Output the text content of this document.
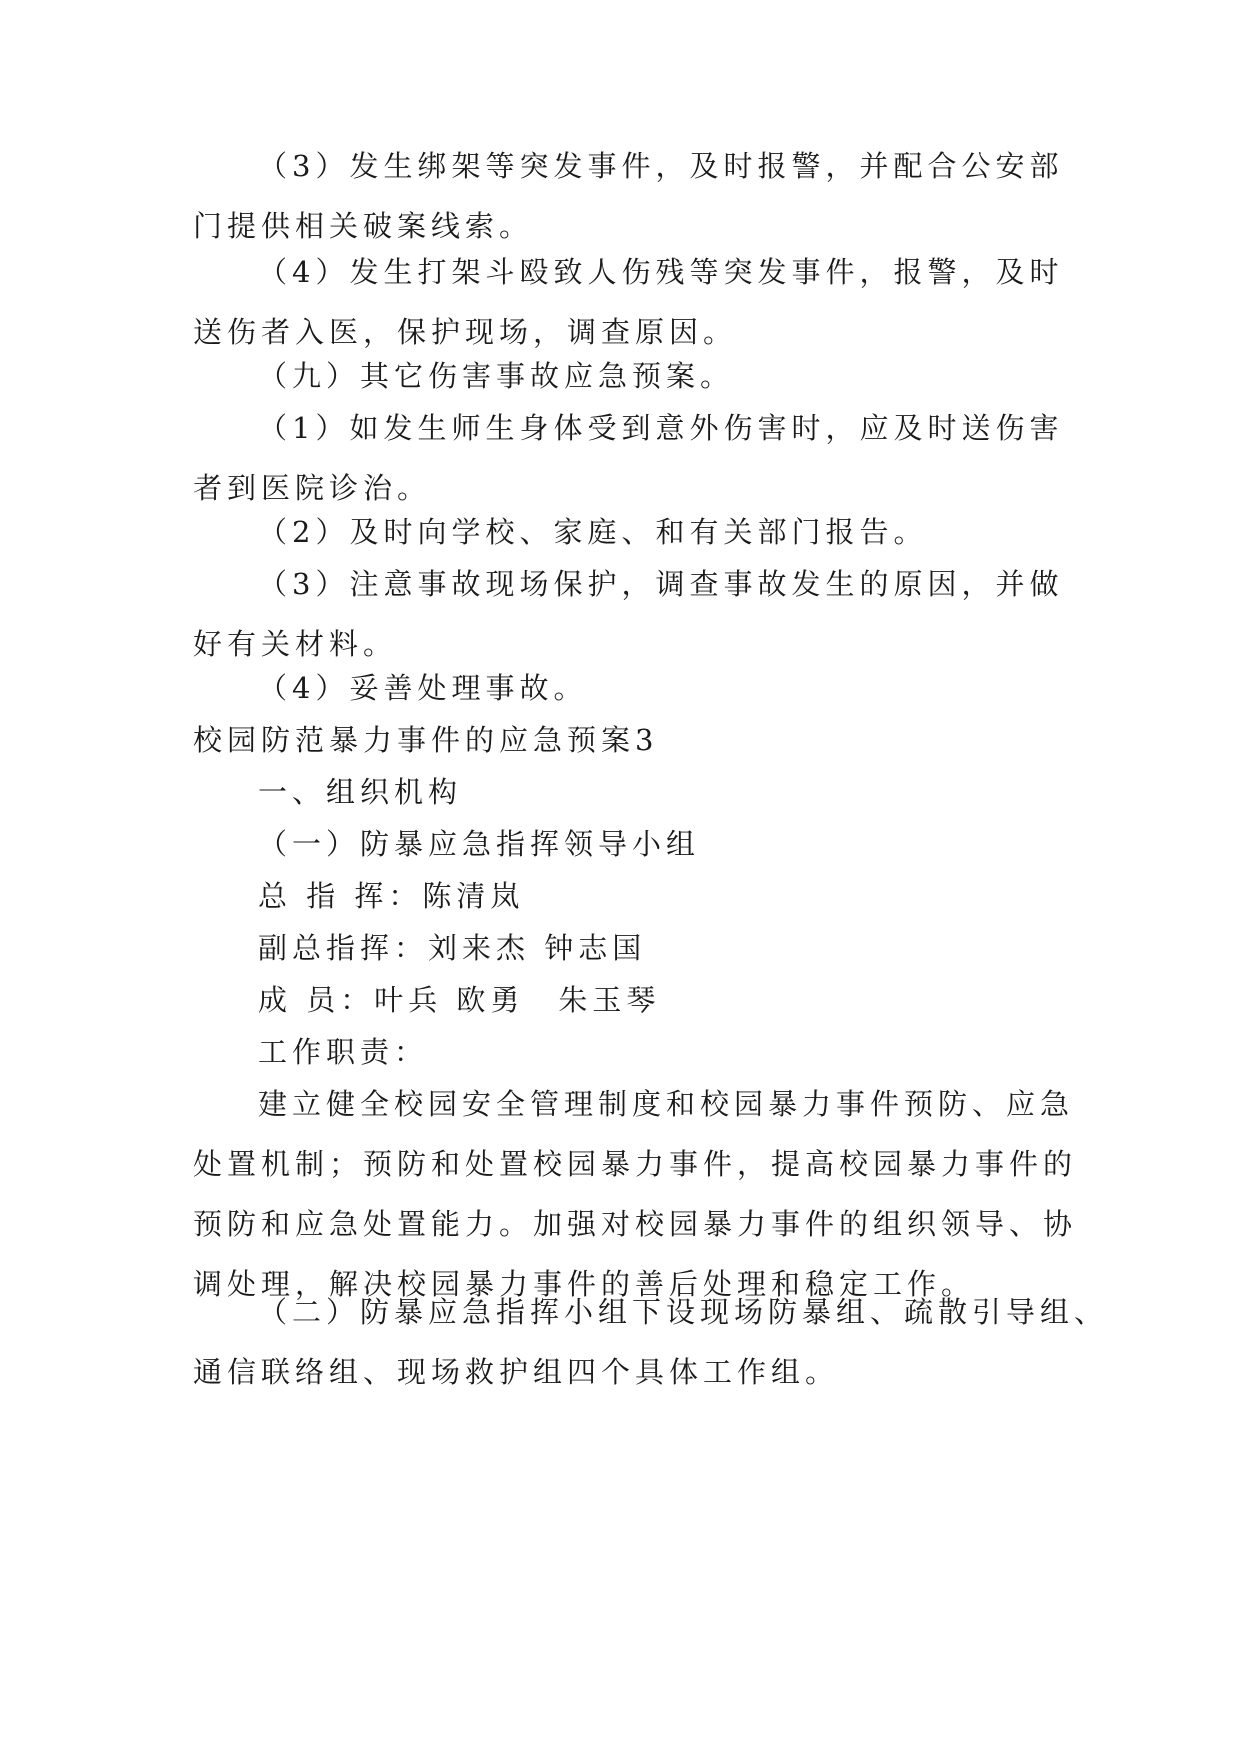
（3）发生绑架等突发事件，及时报警，并配合公安部
门提供相关破案线索。
（4）发生打架斗殴致人伤残等突发事件，报警，及时
送伤者入医，保护现场，调查原因。
（九）其它伤害事故应急预案。
（1）如发生师生身体受到意外伤害时，应及时送伤害
者到医院诊治。
（2）及时向学校、家庭、和有关部门报告。
（3）注意事故现场保护，调查事故发生的原因，并做
好有关材料。
（4）妥善处理事故。
校园防范暴力事件的应急预案3
一、组织机构
（一）防暴应急指挥领导小组
总 指 挥：陈清岚
副总指挥：刘来杰 钟志国
成 员：叶兵 欧勇　朱玉琴
工作职责：
建立健全校园安全管理制度和校园暴力事件预防、应急
处置机制；预防和处置校园暴力事件，提高校园暴力事件的
预防和应急处置能力。加强对校园暴力事件的组织领导、协
调处理，解决校园暴力事件的善后处理和稳定工作。
（二）防暴应急指挥小组下设现场防暴组、疏散引导组、
通信联络组、现场救护组四个具体工作组。
